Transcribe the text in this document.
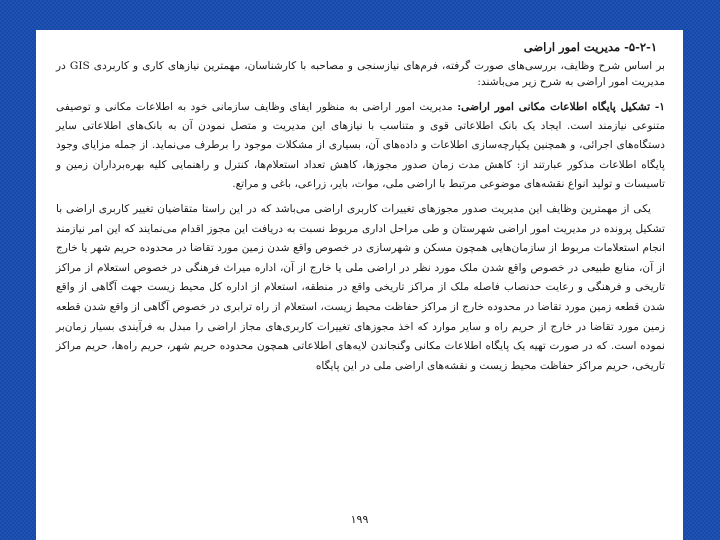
۵-۲-۱- مدیریت امور اراضی
بر اساس شرح وظایف، بررسی‌های صورت گرفته، فرم‌های نیازسنجی و مصاحبه با کارشناسان، مهمترین نیازهای کاری و کاربردی GIS در مدیریت امور اراضی به شرح زیر می‌باشند:
۱- تشکیل پایگاه اطلاعات مکانی امور اراضی: مدیریت امور اراضی به منظور ایفای وظایف سازمانی خود به اطلاعات مکانی و توصیفی متنوعی نیازمند است. ایجاد یک بانک اطلاعاتی قوی و متناسب با نیازهای این مدیریت و متصل نمودن آن به بانک‌های اطلاعاتی سایر دستگاه‌های اجرائی، و همچنین یکپارچه‌سازی اطلاعات و داده‌های آن، بسیاری از مشکلات موجود را برطرف می‌نماید. از جمله مزایای وجود پایگاه اطلاعات مذکور عبارتند از: کاهش مدت زمان صدور مجوزها، کاهش تعداد استعلام‌ها، کنترل و راهنمایی کلیه بهره‌برداران زمین و تاسیسات و تولید انواع نقشه‌های موضوعی مرتبط با اراضی ملی، موات، بایر، زراعی، باغی و مراتع.
یکی از مهمترین وظایف این مدیریت صدور مجوزهای تغییرات کاربری اراضی می‌باشد که در این راستا متقاضیان تغییر کاربری اراضی با تشکیل پرونده در مدیریت امور اراضی شهرستان و طی مراحل اداری مربوط نسبت به دریافت این مجوز اقدام می‌نمایند که این امر نیازمند انجام استعلامات مربوط از سازمان‌هایی همچون مسکن و شهرسازی در خصوص واقع شدن زمین مورد تقاضا در محدوده حریم شهر یا خارج از آن، منابع طبیعی در خصوص واقع شدن ملک مورد نظر در اراضی ملی یا خارج از آن، اداره میراث فرهنگی در خصوص استعلام از مراکز تاریخی و فرهنگی و رعایت حدنصاب فاصله ملک از مراکز تاریخی واقع در منطقه، استعلام از اداره کل محیط زیست جهت آگاهی از واقع شدن قطعه زمین مورد تقاضا در محدوده خارج از مراکز حفاظت محیط زیست، استعلام از راه ترابری در خصوص آگاهی از واقع شدن قطعه زمین مورد تقاضا در خارج از حریم راه و سایر موارد که اخذ مجوزهای تغییرات کاربری‌های مجاز اراضی را مبدل به فرآیندی بسیار زمان‌بر نموده است. که در صورت تهیه یک پایگاه اطلاعات مکانی وگنجاندن لایه‌های اطلاعاتی همچون محدوده حریم شهر، حریم راه‌ها، حریم مراکز تاریخی، حریم مراکز حفاظت محیط زیست و نقشه‌های اراضی ملی در این پایگاه
۱۹۹
